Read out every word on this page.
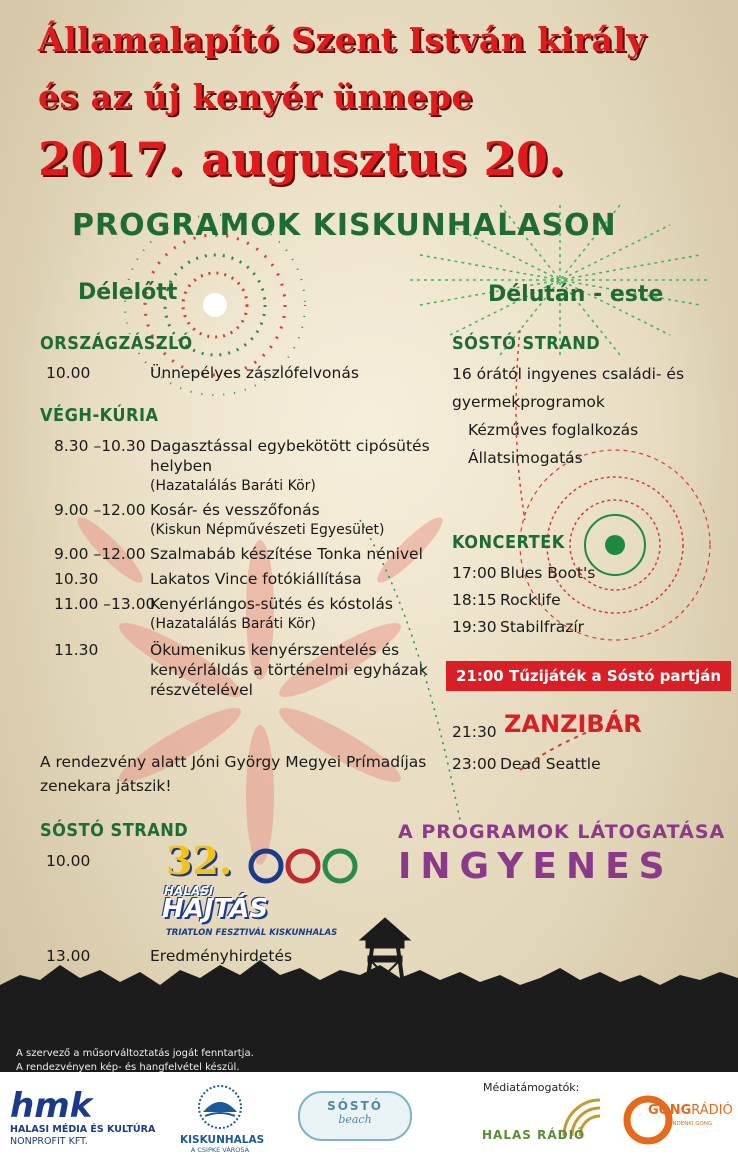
Államalapító Szent István király
és az új kenyér ünnepe
2017. augusztus 20.
PROGRAMOK KISKUNHALASON
Délelőtt
ORSZÁGZÁSZLÓ
10.00	Ünnepélyes zászlófelvonás
VÉGH-KÚRIA
8.30 –10.30 Dagasztással egybekötött cipósütés
helyben
(Hazatalálás Baráti Kör)
9.00 –12.00 Kosár- és vesszőfonás
(Kiskun Népművészeti Egyesület)
9.00 –12.00 Szalmabáb készítése Tonka nénivel
10.30	Lakatos Vince fotókiállítása
11.00 –13.00Kenyérlángos-sütés és kóstolás
(Hazatalálás Baráti Kör)
11.30	Ökumenikus kenyérszentelés és
kenyérláldás a történelmi egyházak
részvételével
A rendezvény alatt Jóni György Megyei Prímadíjas
zenekara játszik!
SÓSTÓ STRAND
10.00 32.
HALASI
HAJTÁS
TRIATLON FESZTIVÁL KISKUNHALAS
13.00	Eredményhirdetés
Délután - este
SÓSTÓ STRAND
16 órától ingyenes családi- és
gyermekprogramok
Kézműves foglalkozás
Állatsimogatás
KONCERTEK
17:00 Blues Boot's
18:15 Rocklife
19:30 Stabilfrazír
21:00 Tűzijáték a Sóstó partján
21:30 ZANZIBÁR
23:00 Dead Seattle
A PROGRAMOK LÁTOGATÁSA
INGYENES
A szervező a műsorváltoztatás jogát fenntartja.
A rendezvényen kép- és hangfelvétel készül.
Médiatámogatók:
hmk
HALASI MÉDIA ÉS KULTÚRA
NONPROFIT KFT.	KISKUNHALAS
A CSIPKE VÁROSA
SÓSTÓ
beach
HALAS RÁDIÓ
GONGRÁDIÓ
MINDENKI GONG
